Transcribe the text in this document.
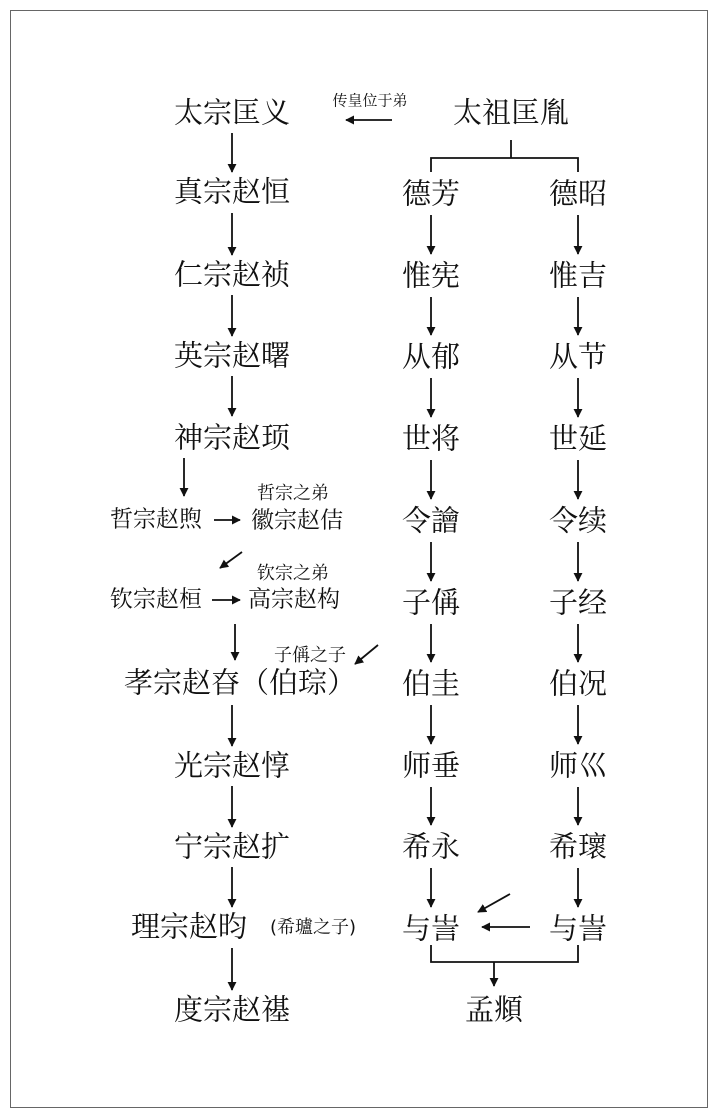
太宗匡义
真宗赵恒
仁宗赵祯
英宗赵曙
神宗赵顼
哲宗赵煦
哲宗之弟
徽宗赵佶
钦宗赵桓
钦宗之弟
高宗赵构
子偁之子
孝宗赵昚（伯琮）
光宗赵惇
宁宗赵扩
理宗赵昀 (希瓐之子)
度宗赵禥
传皇位于弟 太祖匡胤
德芳
惟宪
从郁
世将
令譮
子偁
伯圭
师垂
希永
与訔
德昭
惟吉
从节
世延
令续
子经
伯况
师巛
希瓌
与訔
孟頫
